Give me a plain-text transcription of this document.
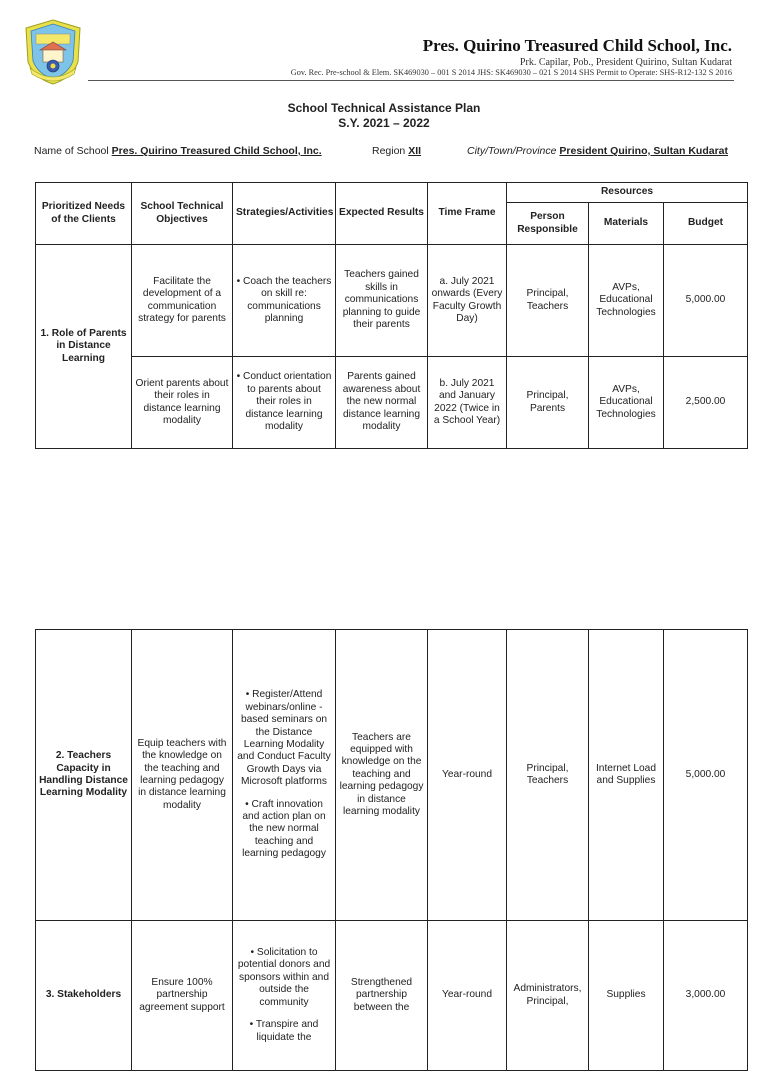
Pres. Quirino Treasured Child School, Inc.
Prk. Capilar, Pob., President Quirino, Sultan Kudarat
Gov. Rec. Pre-school & Elem. SK469030 – 001 S 2014 JHS: SK469030 – 021 S 2014 SHS Permit to Operate: SHS-R12-132 S 2016
School Technical Assistance Plan
S.Y. 2021 – 2022
Name of School Pres. Quirino Treasured Child School, Inc.	Region XII	City/Town/Province President Quirino, Sultan Kudarat
Prioritized Needs of the Clients	School Technical Objectives	Strategies/Activities	Expected Results	Time Frame	Resources		
					Person Responsible	Materials	Budget
1. Role of Parents in Distance Learning	Facilitate the development of a communication strategy for parents	• Coach the teachers on skill re: communications planning	Teachers gained skills in communications planning to guide their parents	a. July 2021 onwards (Every Faculty Growth Day)	Principal, Teachers	AVPs, Educational Technologies	5,000.00
	Orient parents about their roles in distance learning modality	• Conduct orientation to parents about their roles in distance learning modality	Parents gained awareness about the new normal distance learning modality	b. July 2021 and January 2022 (Twice in a School Year)	Principal, Parents	AVPs, Educational Technologies	2,500.00
2. Teachers Capacity in Handling Distance Learning Modality	Equip teachers with the knowledge on the teaching and learning pedagogy in distance learning modality	• Register/Attend webinars/online -based seminars on the Distance Learning Modality and Conduct Faculty Growth Days via Microsoft platforms
• Craft innovation and action plan on the new normal teaching and learning pedagogy	Teachers are equipped with knowledge on the teaching and learning pedagogy in distance learning modality	Year-round	Principal, Teachers	Internet Load and Supplies	5,000.00
3. Stakeholders	Ensure 100% partnership agreement support	• Solicitation to potential donors and sponsors within and outside the community
• Transpire and liquidate the	Strengthened partnership between the	Year-round	Administrators, Principal,	Supplies	3,000.00
